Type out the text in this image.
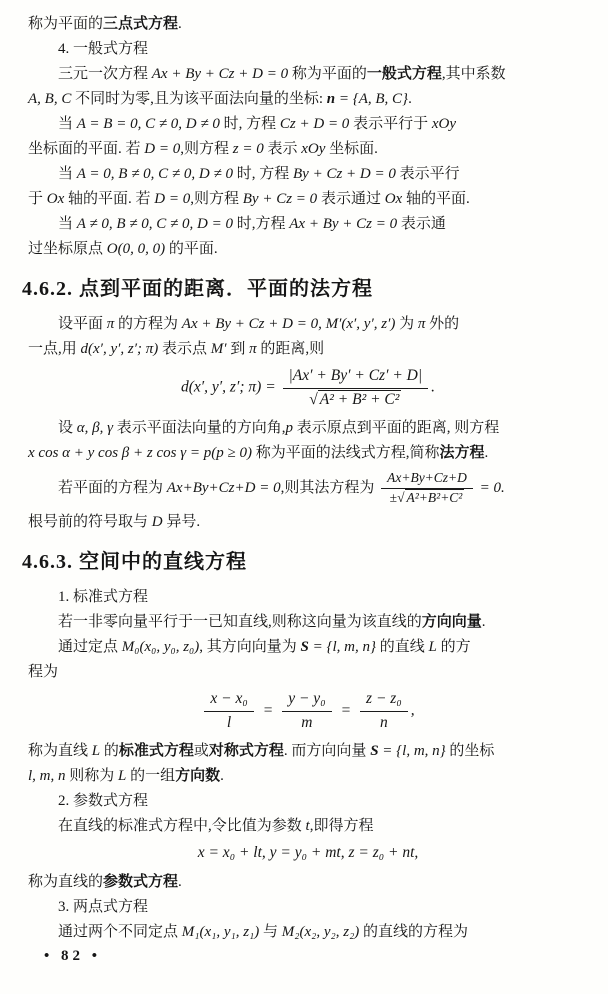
称为平面的三点式方程.

4. 一般式方程

三元一次方程 Ax + By + Cz + D = 0 称为平面的一般式方程,其中系数

A, B, C 不同时为零,且为该平面法向量的坐标: n = {A, B, C}.

当 A = B = 0, C ≠ 0, D ≠ 0 时, 方程 Cz + D = 0 表示平行于 xOy

坐标面的平面. 若 D = 0,则方程 z = 0 表示 xOy 坐标面.

当 A = 0, B ≠ 0, C ≠ 0, D ≠ 0 时, 方程 By + Cz + D = 0 表示平行

于 Ox 轴的平面. 若 D = 0,则方程 By + Cz = 0 表示通过 Ox 轴的平面.

当 A ≠ 0, B ≠ 0, C ≠ 0, D = 0 时,方程 Ax + By + Cz = 0 表示通

过坐标原点 O(0, 0, 0) 的平面.

4.6.2. 点到平面的距离．平面的法方程

设平面 π 的方程为 Ax + By + Cz + D = 0, M′(x′, y′, z′) 为 π 外的

一点,用 d(x′, y′, z′; π) 表示点 M′ 到 π 的距离,则

d(x′, y′, z′; $\pi) = \frac{|Ax' + By' + Cz' + D|}{\text{√ A² + B² + C²}}$ .

设 α, β, γ 表示平面法向量的方向角,p 表示原点到平面的距离, 则方程

x cos α + y cos β + z cos γ = p(p ≥ 0) 称为平面的法线式方程,简称法方程.

若平面的方程为 Ax+By+Cz+D = 0,则其法方程为 $\frac{Ax+By+Cz+D}{\text{±√ A²+B²+C²}} = 0$.

根号前的符号取与 D 异号.

4.6.3. 空间中的直线方程

1. 标准式方程

若一非零向量平行于一已知直线,则称这向量为该直线的方向向量.

通过定点 M₀(x₀, y₀, z₀), 其方向向量为 S = {l, m, n} 的直线 L 的方

程为

$\frac{\text{x − x₀}}{l} = \frac{\text{y − y₀}}{m} = \frac{\text{z − z₀}}{n}$ ,

称为直线 L 的标准式方程或对称式方程. 而方向向量 S = {l, m, n} 的坐标

l, m, n 则称为 L 的一组方向数.

2. 参数式方程

在直线的标准式方程中,令比值为参数 t,即得方程

x = x₀ + lt, y = y₀ + mt, z = z₀ + nt,

称为直线的参数式方程.

3. 两点式方程

通过两个不同定点 M₁(x₁, y₁, z₁) 与 M₂(x₂, y₂, z₂) 的直线的方程为

• 82 •
